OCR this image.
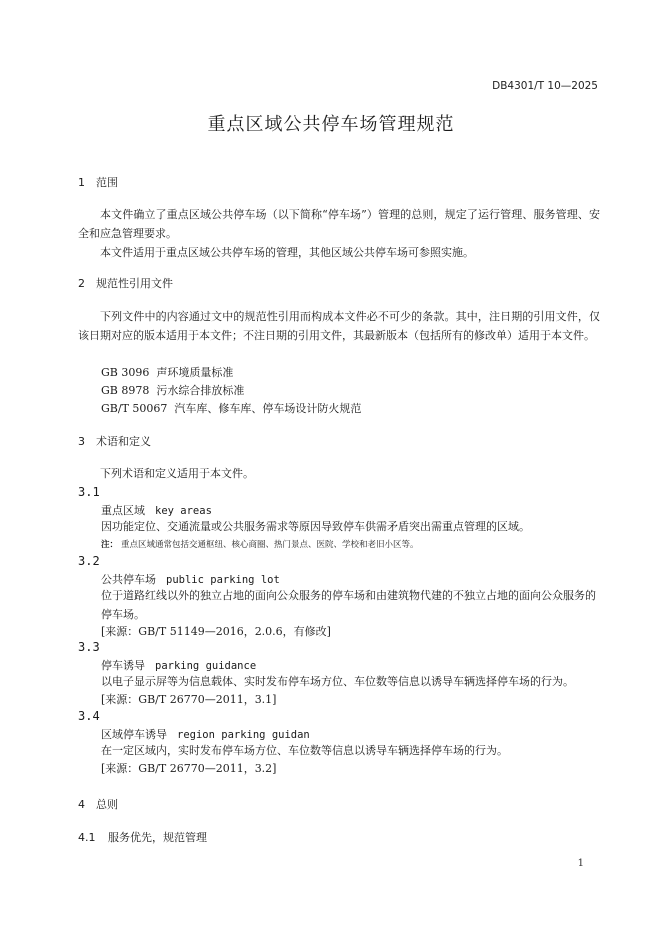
DB4301/T 10—2025
重点区域公共停车场管理规范
1 范围
本文件确立了重点区域公共停车场（以下简称“停车场”）管理的总则，规定了运行管理、服务管理、安全和应急管理要求。
本文件适用于重点区域公共停车场的管理，其他区域公共停车场可参照实施。
2 规范性引用文件
下列文件中的内容通过文中的规范性引用而构成本文件必不可少的条款。其中，注日期的引用文件，仅该日期对应的版本适用于本文件；不注日期的引用文件，其最新版本（包括所有的修改单）适用于本文件。
GB 3096 声环境质量标准
GB 8978 污水综合排放标准
GB/T 50067 汽车库、修车库、停车场设计防火规范
3 术语和定义
下列术语和定义适用于本文件。
3.1
重点区域 key areas
因功能定位、交通流量或公共服务需求等原因导致停车供需矛盾突出需重点管理的区域。
注： 重点区域通常包括交通枢纽、核心商圈、热门景点、医院、学校和老旧小区等。
3.2
公共停车场 public parking lot
位于道路红线以外的独立占地的面向公众服务的停车场和由建筑物代建的不独立占地的面向公众服务的停车场。
[来源：GB/T 51149—2016，2.0.6，有修改]
3.3
停车诱导 parking guidance
以电子显示屏等为信息载体、实时发布停车场方位、车位数等信息以诱导车辆选择停车场的行为。
[来源：GB/T 26770—2011，3.1]
3.4
区域停车诱导 region parking guidan
在一定区域内，实时发布停车场方位、车位数等信息以诱导车辆选择停车场的行为。
[来源：GB/T 26770—2011，3.2]
4 总则
4.1 服务优先，规范管理
1
